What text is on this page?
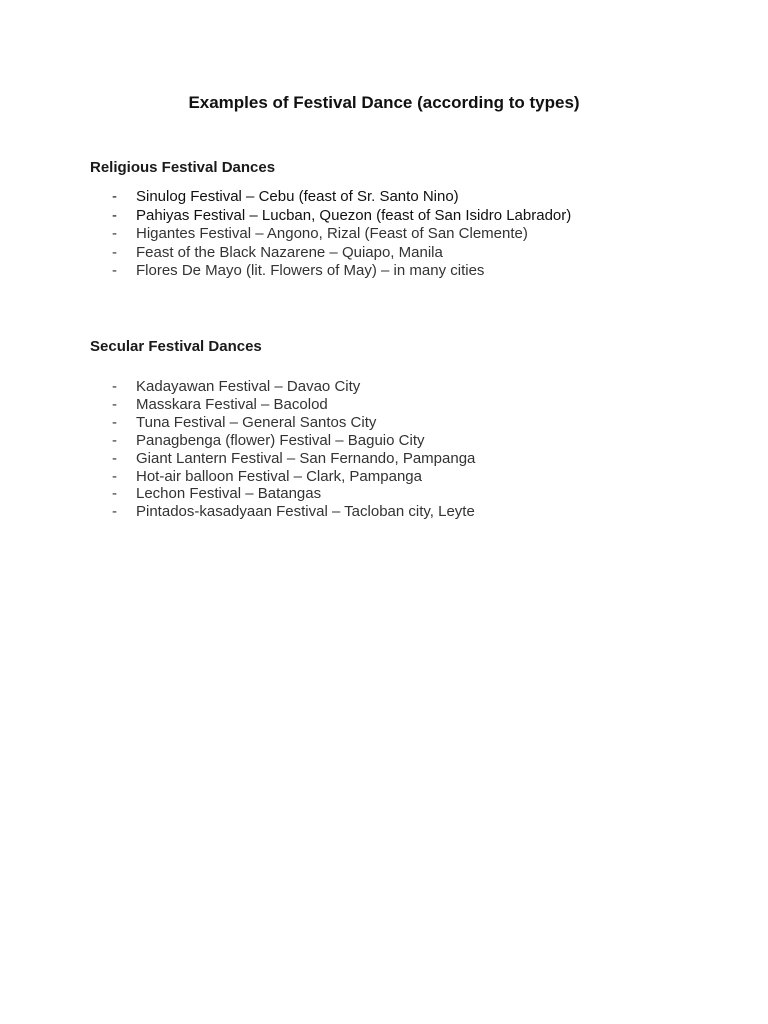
Examples of Festival Dance (according to types)
Religious Festival Dances
- Sinulog Festival – Cebu (feast of Sr. Santo Nino)
- Pahiyas Festival – Lucban, Quezon (feast of San Isidro Labrador)
- Higantes Festival – Angono, Rizal (Feast of San Clemente)
- Feast of the Black Nazarene – Quiapo, Manila
- Flores De Mayo (lit. Flowers of May) – in many cities
Secular Festival Dances
- Kadayawan Festival – Davao City
- Masskara Festival – Bacolod
- Tuna Festival – General Santos City
- Panagbenga (flower) Festival – Baguio City
- Giant Lantern Festival – San Fernando, Pampanga
- Hot-air balloon Festival – Clark, Pampanga
- Lechon Festival – Batangas
- Pintados-kasadyaan Festival – Tacloban city, Leyte
